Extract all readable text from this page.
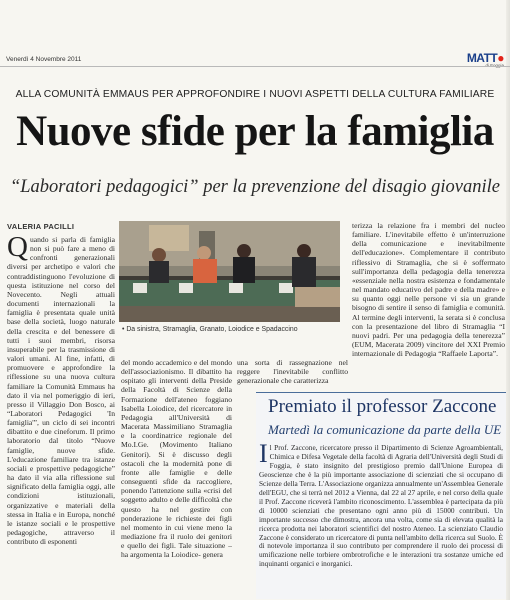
Venerdì 4 Novembre 2011	MATT●
di Foggia
ALLA COMUNITÀ EMMAUS PER APPROFONDIRE I NUOVI ASPETTI DELLA CULTURA FAMILIARE
Nuove sfide per la famiglia
“Laboratori pedagogici” per la prevenzione del disagio giovanile
VALERIA PACILLI
Quando si parla di famiglia non si può fare a meno di confronti generazionali diversi per archetipo e valori che contraddistinguono l'evoluzione di questa istituzione nel corso del Novecento. Negli attuali documenti internazionali la famiglia è presentata quale unità base della società, luogo naturale della crescita e del benessere di tutti i suoi membri, risorsa insuperabile per la trasmissione di valori umani. Al fine, infatti, di promuovere e approfondire la riflessione su una nuova cultura familiare la Comunità Emmaus ha dato il via nel pomeriggio di ieri, presso il Villaggio Don Bosco, ai “Laboratori Pedagogici 'In famiglia'”, un ciclo di sei incontri dibattito e due cineforum. Il primo laboratorio dal titolo “Nuove famiglie, nuove sfide. L'educazione familiare tra istanze sociali e prospettive pedagogiche” ha dato il via alla riflessione sul significato della famiglia oggi, alle condizioni istituzionali, organizzative e materiali della stessa in Italia e in Europa, nonché le istanze sociali e le prospettive pedagogiche, attraverso il contributo di esponenti
• Da sinistra, Stramaglia, Granato, Loiodice e Spadaccino
del mondo accademico e del mondo dell'associazionismo. Il dibattito ha ospitato gli interventi della Preside della Facoltà di Scienze della Formazione dell'ateneo foggiano Isabella Loiodice, del ricercatore in Pedagogia all'Università di Macerata Massimiliano Stramaglia e la coordinatrice regionale del Mo.I.Ge. (Movimento Italiano Genitori). Si è discusso degli ostacoli che la modernità pone di fronte alle famiglie e delle conseguenti sfide da raccogliere, ponendo l'attenzione sulla «crisi del soggetto adulto e delle difficoltà che questo ha nel gestire con ponderazione le richieste dei figli nel momento in cui viene meno la mediazione fra il ruolo dei genitori e quello dei figli. Tale situazione – ha argomenta la Loiodice- genera
una sorta di rassegnazione nel reggere l'inevitabile conflitto generazionale che caratterizza
terizza la relazione fra i membri del nucleo familiare. L'inevitabile effetto è un'interruzione della comunicazione e inevitabilmente dell'educazione». Complementare il contributo riflessivo di Stramaglia, che si è soffermato sull'importanza della pedagogia della tenerezza «essenziale nella nostra esistenza e fondamentale nel mandato educativo del padre e della madre» e su quanto oggi nelle persone vi sia un grande bisogno di sentire il senso di famiglia e comunità. Al termine degli interventi, la serata si è conclusa con la presentazione del libro di Stramaglia “I nuovi padri. Per una pedagogia della tenerezza” (EUM, Macerata 2009) vincitore del XXI Premio internazionale di Pedagogia “Raffaele Laporta”.
Premiato il professor Zaccone
Martedì la comunicazione da parte della UE
Il Prof. Zaccone, ricercatore presso il Dipartimento di Scienze Agroambientali, Chimica e Difesa Vegetale della facoltà di Agraria dell'Università degli Studi di Foggia, è stato insignito del prestigioso premio dall'Unione Europea di Geoscienze che è la più importante associazione di scienziati che si occupano di Scienze della Terra. L'Associazione organizza annualmente un'Assemblea Generale dell'EGU, che si terrà nel 2012 a Vienna, dal 22 al 27 aprile, e nel corso della quale il Prof. Zaccone riceverà l'ambito riconoscimento. L'assemblea è partecipata da più di 10000 scienziati che presentano ogni anno più di 15000 contributi. Un importante successo che dimostra, ancora una volta, come sia di elevata qualità la ricerca prodotta nei laboratori scientifici del nostro Ateneo. La scienziato Claudio Zaccone è considerato un ricercatore di punta nell'ambito della ricerca sul Suolo. È di notevole importanza il suo contributo per comprendere il ruolo dei processi di umificazione nelle torbiere ombrotrofiche e le interazioni tra sostanze umiche ed inquinanti organici e inorganici.
